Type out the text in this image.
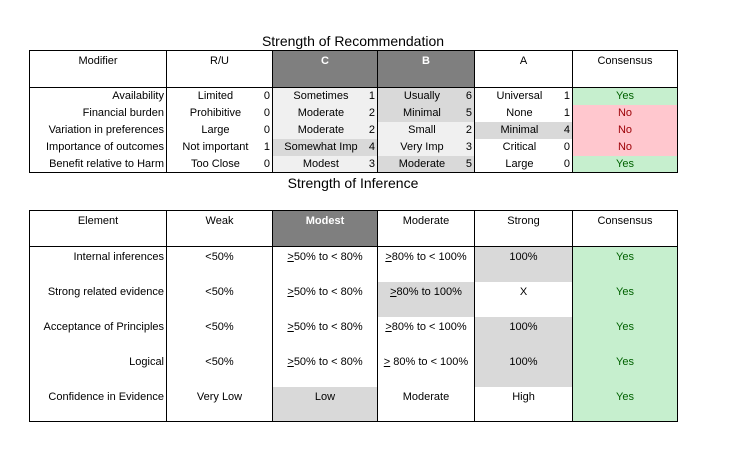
Strength of Recommendation
Modifier	R/U	C	B	A	Consensus
Availability	Limited 0	Sometimes 1	Usually 6	Universal 1	Yes
Financial burden	Prohibitive 0	Moderate 2	Minimal 5	None 1	No
Variation in preferences	Large 0	Moderate 2	Small 2	Minimal 4	No
Importance of outcomes	Not important 1	Somewhat Imp 4	Very Imp 3	Critical 0	No
Benefit relative to Harm	Too Close 0	Modest 3	Moderate 5	Large 0	Yes
Strength of Inference
Element	Weak	Modest	Moderate	Strong	Consensus
Internal inferences	<50%	≥50% to < 80%	≥80% to < 100%	100%	Yes
Strong related evidence	<50%	≥50% to < 80%	≥80% to 100%	X	Yes
Acceptance of Principles	<50%	≥50% to < 80%	≥80% to < 100%	100%	Yes
Logical	<50%	≥50% to < 80%	≥ 80% to < 100%	100%	Yes
Confidence in Evidence	Very Low	Low	Moderate	High	Yes
